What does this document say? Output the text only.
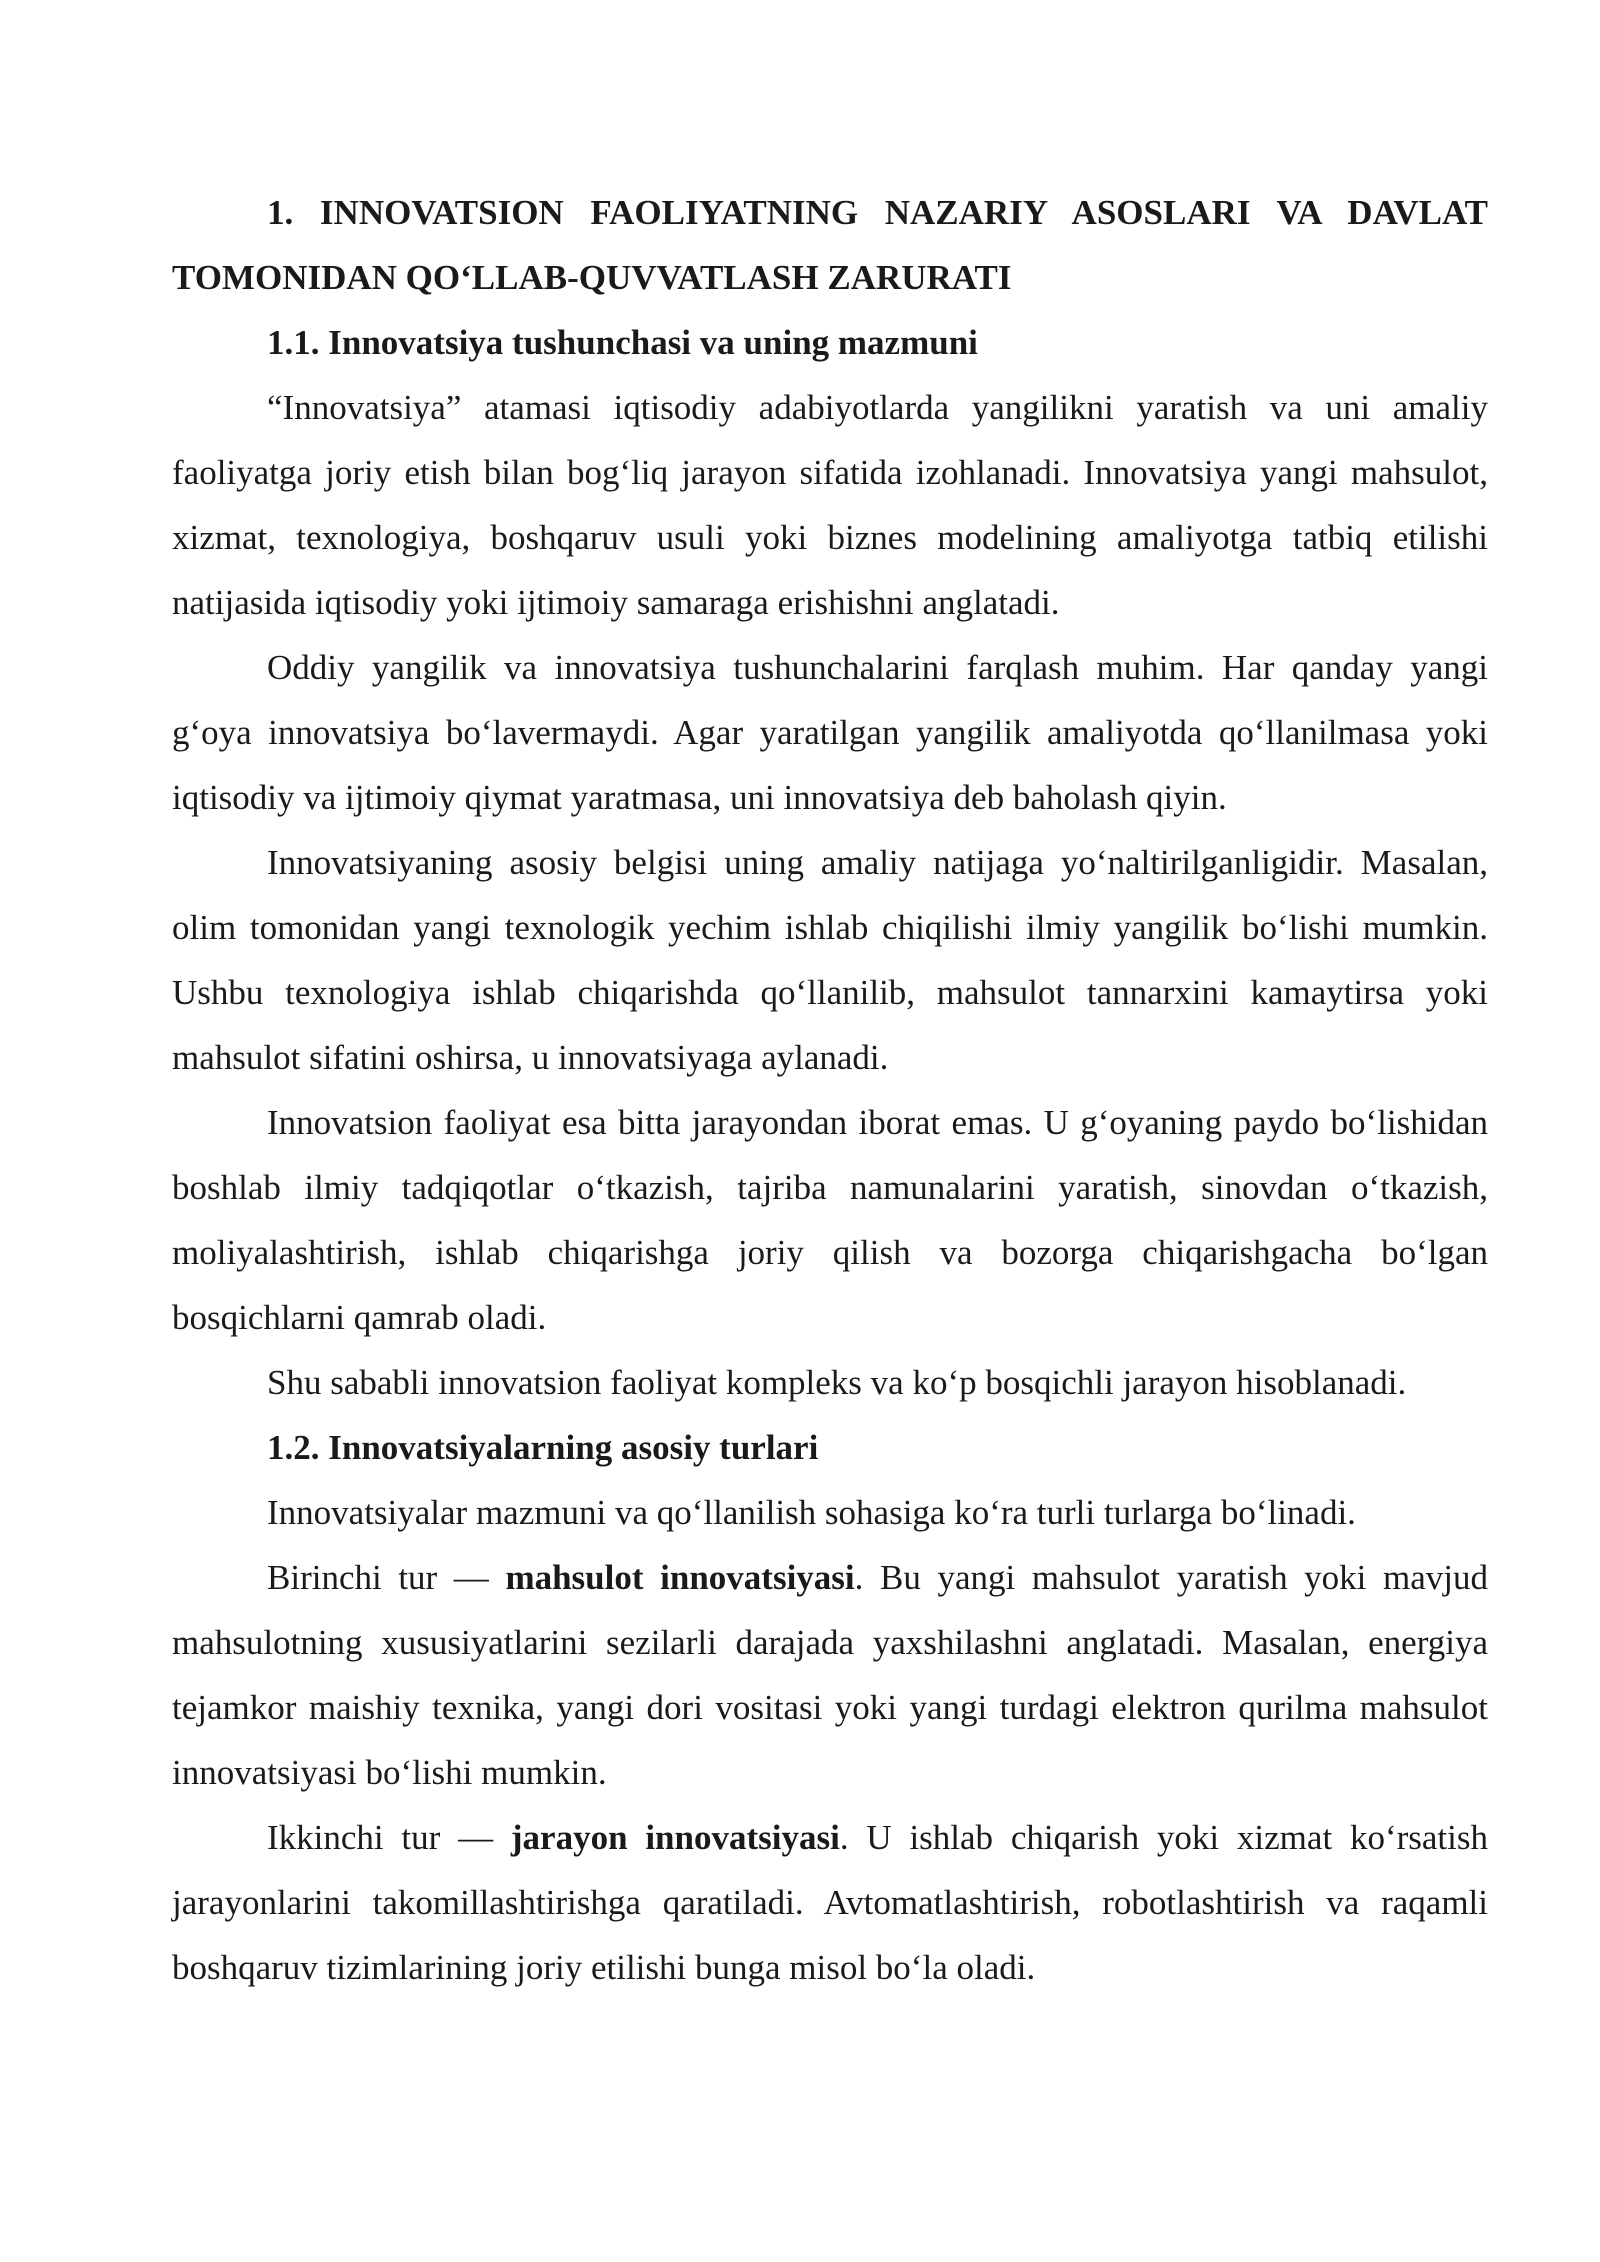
1. INNOVATSION FAOLIYATNING NAZARIY ASOSLARI VA DAVLAT TOMONIDAN QO‘LLAB-QUVVATLASH ZARURATI

1.1. Innovatsiya tushunchasi va uning mazmuni

“Innovatsiya” atamasi iqtisodiy adabiyotlarda yangilikni yaratish va uni amaliy faoliyatga joriy etish bilan bog‘liq jarayon sifatida izohlanadi. Innovatsiya yangi mahsulot, xizmat, texnologiya, boshqaruv usuli yoki biznes modelining amaliyotga tatbiq etilishi natijasida iqtisodiy yoki ijtimoiy samaraga erishishni anglatadi.

Oddiy yangilik va innovatsiya tushunchalarini farqlash muhim. Har qanday yangi g‘oya innovatsiya bo‘lavermaydi. Agar yaratilgan yangilik amaliyotda qo‘llanilmasa yoki iqtisodiy va ijtimoiy qiymat yaratmasa, uni innovatsiya deb baholash qiyin.

Innovatsiyaning asosiy belgisi uning amaliy natijaga yo‘naltirilganligidir. Masalan, olim tomonidan yangi texnologik yechim ishlab chiqilishi ilmiy yangilik bo‘lishi mumkin. Ushbu texnologiya ishlab chiqarishda qo‘llanilib, mahsulot tannarxini kamaytirsa yoki mahsulot sifatini oshirsa, u innovatsiyaga aylanadi.

Innovatsion faoliyat esa bitta jarayondan iborat emas. U g‘oyaning paydo bo‘lishidan boshlab ilmiy tadqiqotlar o‘tkazish, tajriba namunalarini yaratish, sinovdan o‘tkazish, moliyalashtirish, ishlab chiqarishga joriy qilish va bozorga chiqarishgacha bo‘lgan bosqichlarni qamrab oladi.

Shu sababli innovatsion faoliyat kompleks va ko‘p bosqichli jarayon hisoblanadi.

1.2. Innovatsiyalarning asosiy turlari

Innovatsiyalar mazmuni va qo‘llanilish sohasiga ko‘ra turli turlarga bo‘linadi.

Birinchi tur — mahsulot innovatsiyasi. Bu yangi mahsulot yaratish yoki mavjud mahsulotning xususiyatlarini sezilarli darajada yaxshilashni anglatadi. Masalan, energiya tejamkor maishiy texnika, yangi dori vositasi yoki yangi turdagi elektron qurilma mahsulot innovatsiyasi bo‘lishi mumkin.

Ikkinchi tur — jarayon innovatsiyasi. U ishlab chiqarish yoki xizmat ko‘rsatish jarayonlarini takomillashtirishga qaratiladi. Avtomatlashtirish, robotlashtirish va raqamli boshqaruv tizimlarining joriy etilishi bunga misol bo‘la oladi.
